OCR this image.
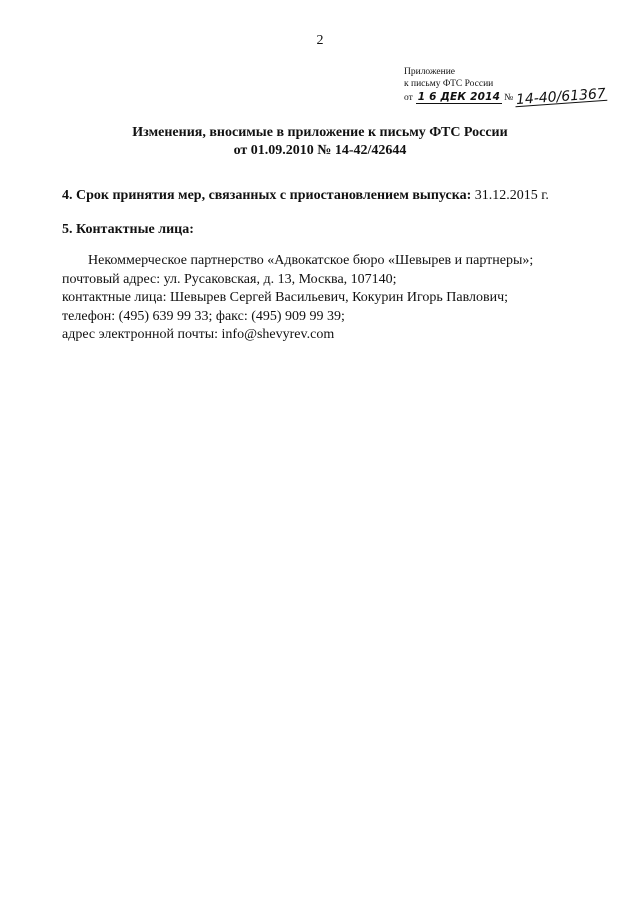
2
Приложение
к письму ФТС России
от 1 6 ДЕК 2014 № 14-40/61367
Изменения, вносимые в приложение к письму ФТС России
от 01.09.2010 № 14-42/42644
4. Срок принятия мер, связанных с приостановлением выпуска: 31.12.2015 г.
5. Контактные лица:
Некоммерческое партнерство «Адвокатское бюро «Шевырев и партнеры»;
почтовый адрес: ул. Русаковская, д. 13, Москва, 107140;
контактные лица: Шевырев Сергей Васильевич, Кокурин Игорь Павлович;
телефон: (495) 639 99 33; факс: (495) 909 99 39;
адрес электронной почты: info@shevyrev.com
